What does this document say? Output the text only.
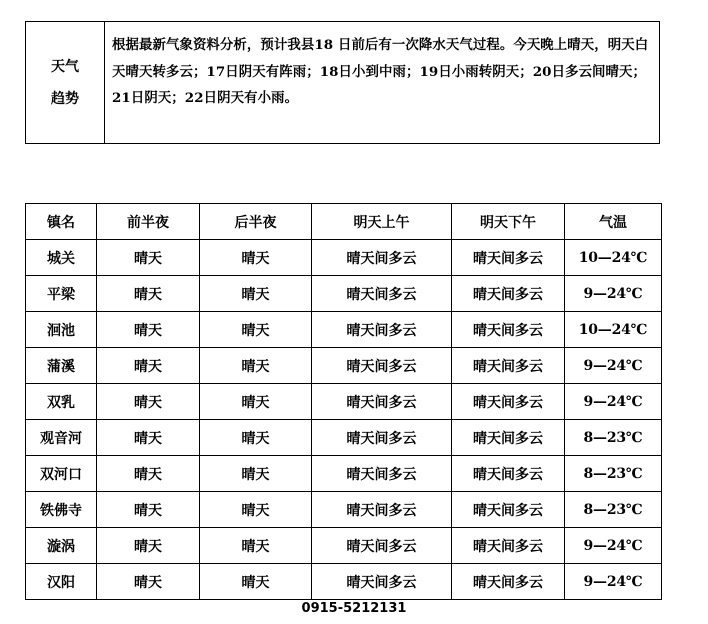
天气
趋势
根据最新气象资料分析，预计我县18 日前后有一次降水天气过程。今天晚上晴天，明天白天晴天转多云；17日阴天有阵雨；18日小到中雨；19日小雨转阴天；20日多云间晴天；21日阴天；22日阴天有小雨。
镇名	前半夜	后半夜	明天上午	明天下午	气温
城关	晴天	晴天	晴天间多云	晴天间多云	10—24℃
平梁	晴天	晴天	晴天间多云	晴天间多云	9—24℃
洄池	晴天	晴天	晴天间多云	晴天间多云	10—24℃
蒲溪	晴天	晴天	晴天间多云	晴天间多云	9—24℃
双乳	晴天	晴天	晴天间多云	晴天间多云	9—24℃
观音河	晴天	晴天	晴天间多云	晴天间多云	8—23℃
双河口	晴天	晴天	晴天间多云	晴天间多云	8—23℃
铁佛寺	晴天	晴天	晴天间多云	晴天间多云	8—23℃
漩涡	晴天	晴天	晴天间多云	晴天间多云	9—24℃
汉阳	晴天	晴天	晴天间多云	晴天间多云	9—24℃
0915-5212131
